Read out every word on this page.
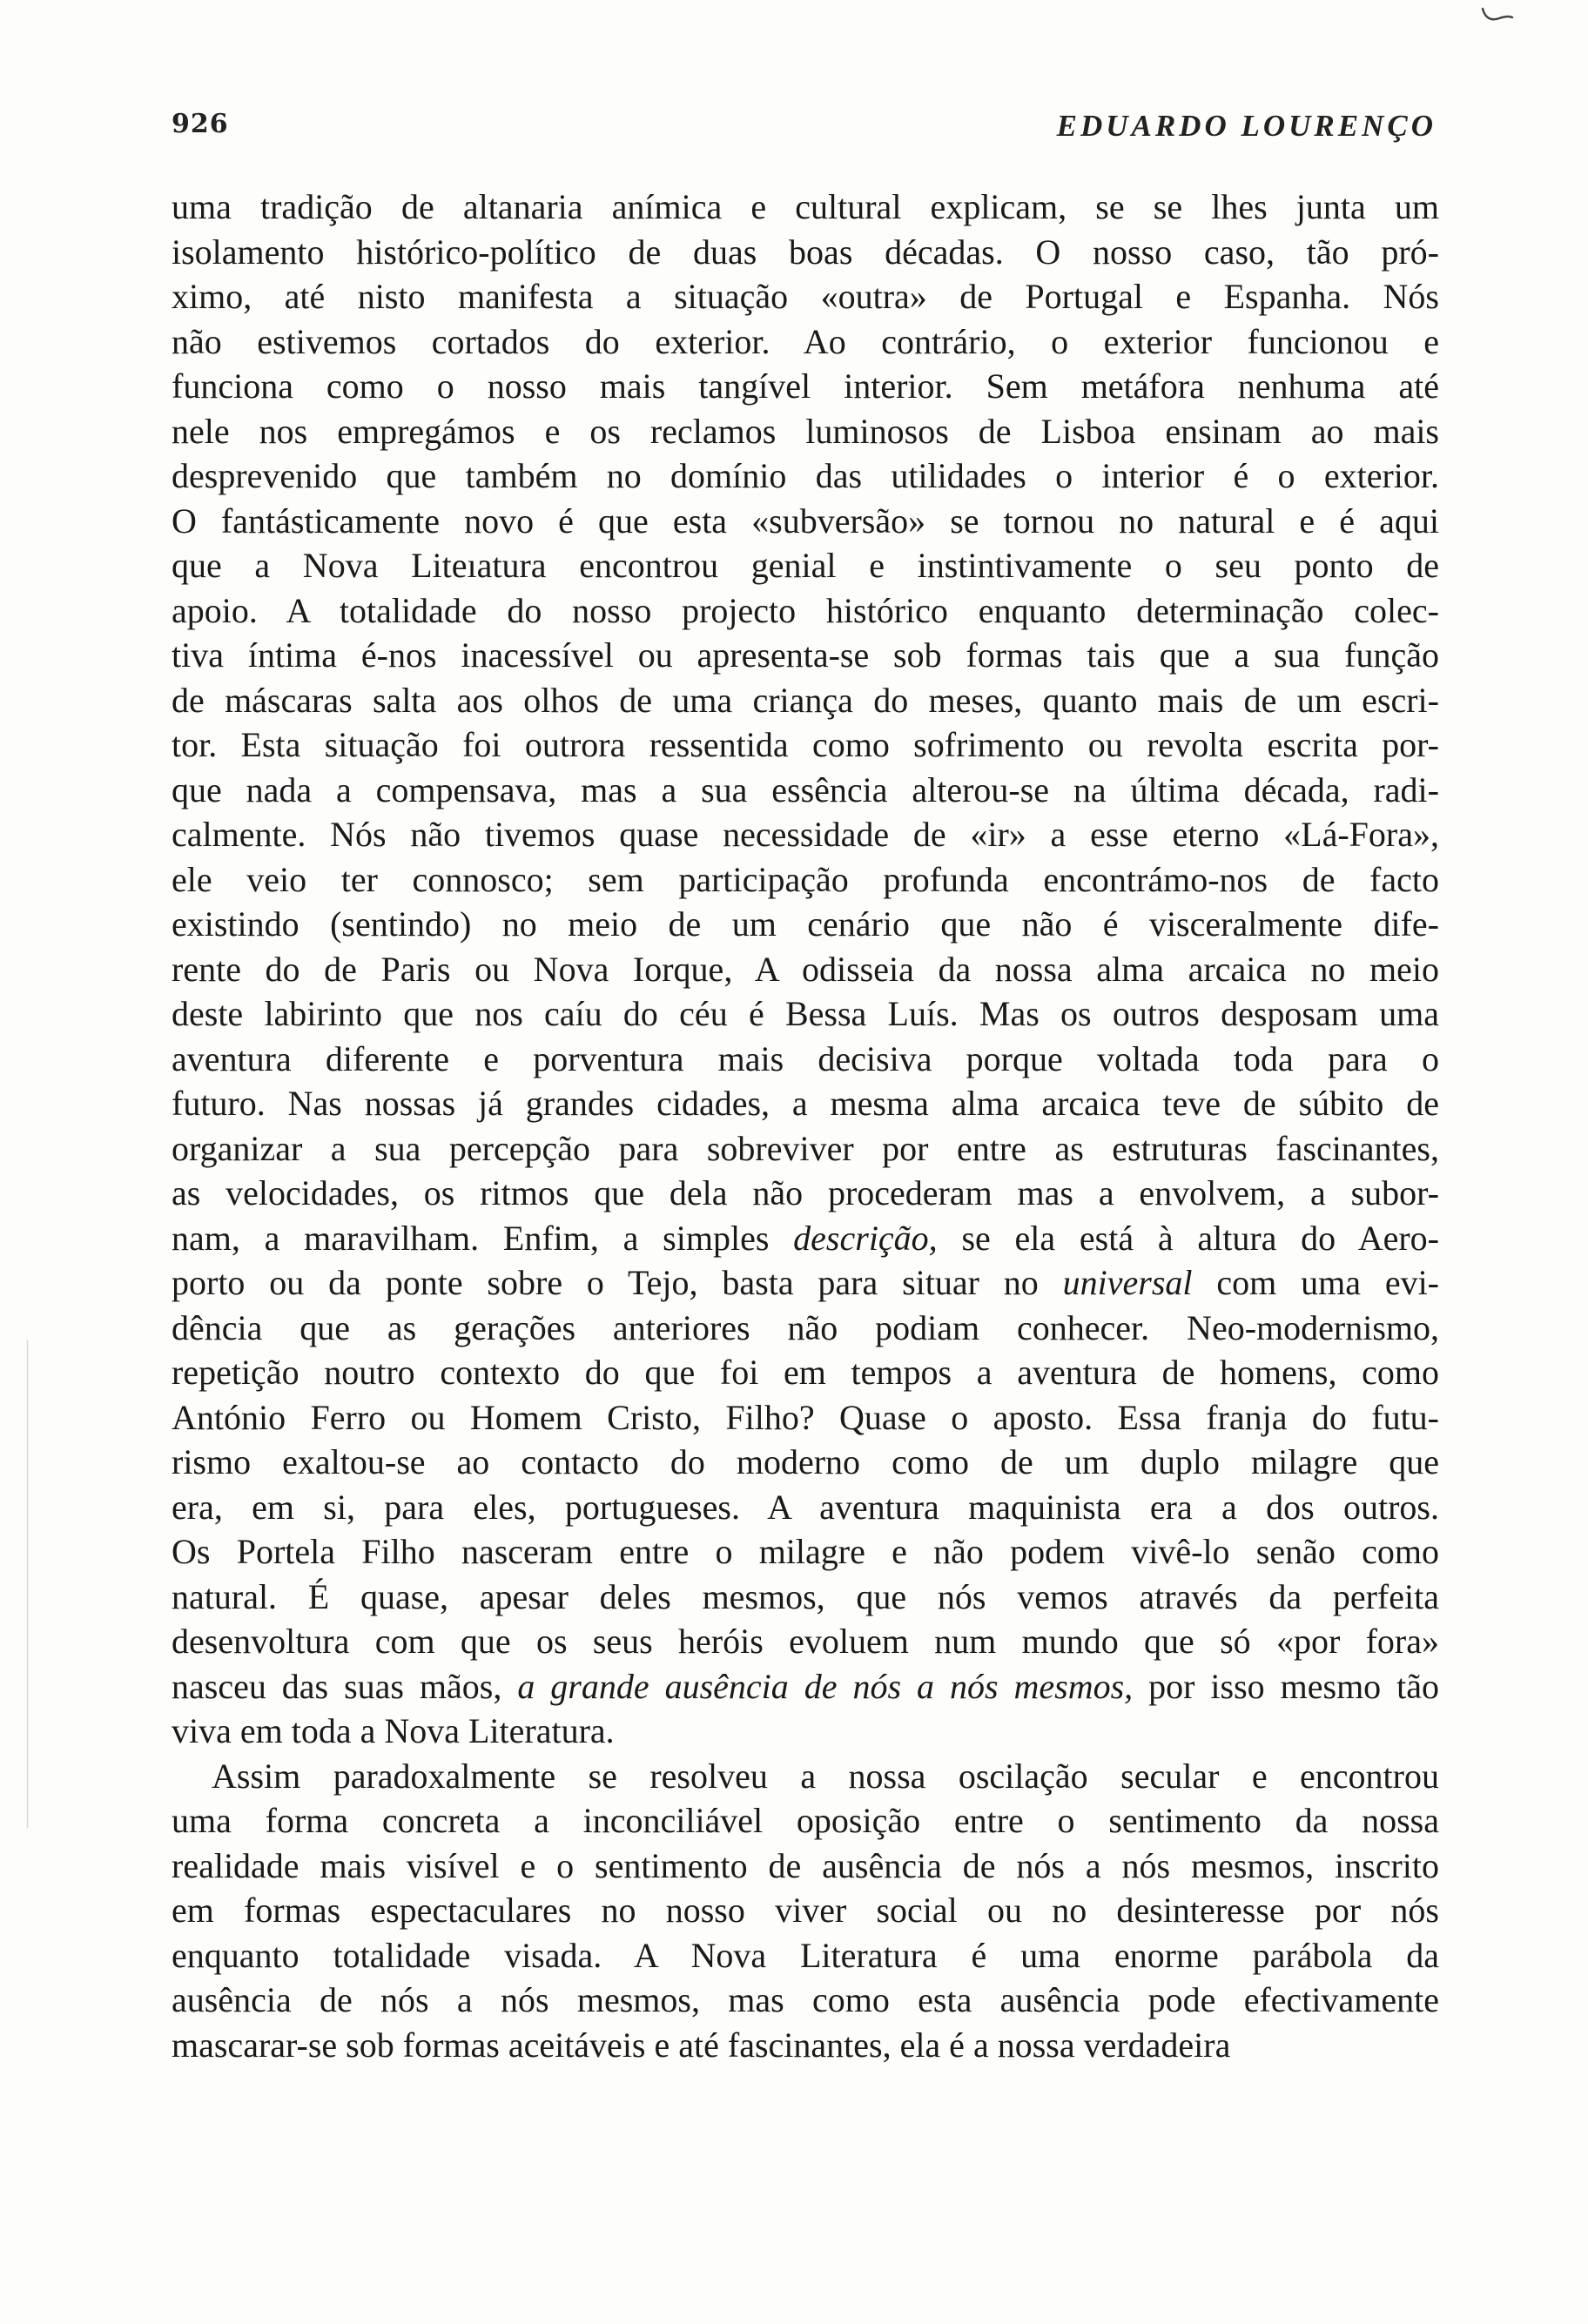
926	EDUARDO LOURENÇO
uma tradição de altanaria anímica e cultural explicam, se se lhes junta um
isolamento histórico-político de duas boas décadas. O nosso caso, tão pró-
ximo, até nisto manifesta a situação «outra» de Portugal e Espanha. Nós
não estivemos cortados do exterior. Ao contrário, o exterior funcionou e
funciona como o nosso mais tangível interior. Sem metáfora nenhuma até
nele nos empregámos e os reclamos luminosos de Lisboa ensinam ao mais
desprevenido que também no domínio das utilidades o interior é o exterior.
O fantásticamente novo é que esta «subversão» se tornou no natural e é aqui
que a Nova Liteıatura encontrou genial e instintivamente o seu ponto de
apoio. A totalidade do nosso projecto histórico enquanto determinação colec-
tiva íntima é-nos inacessível ou apresenta-se sob formas tais que a sua função
de máscaras salta aos olhos de uma criança do meses, quanto mais de um escri-
tor. Esta situação foi outrora ressentida como sofrimento ou revolta escrita por-
que nada a compensava, mas a sua essência alterou-se na última década, radi-
calmente. Nós não tivemos quase necessidade de «ir» a esse eterno «Lá-Fora»,
ele veio ter connosco; sem participação profunda encontrámo-nos de facto
existindo (sentindo) no meio de um cenário que não é visceralmente dife-
rente do de Paris ou Nova Iorque, A odisseia da nossa alma arcaica no meio
deste labirinto que nos caíu do céu é Bessa Luís. Mas os outros desposam uma
aventura diferente e porventura mais decisiva porque voltada toda para o
futuro. Nas nossas já grandes cidades, a mesma alma arcaica teve de súbito de
organizar a sua percepção para sobreviver por entre as estruturas fascinantes,
as velocidades, os ritmos que dela não procederam mas a envolvem, a subor-
nam, a maravilham. Enfim, a simples descrição, se ela está à altura do Aero-
porto ou da ponte sobre o Tejo, basta para situar no universal com uma evi-
dência que as gerações anteriores não podiam conhecer. Neo-modernismo,
repetição noutro contexto do que foi em tempos a aventura de homens, como
António Ferro ou Homem Cristo, Filho? Quase o aposto. Essa franja do futu-
rismo exaltou-se ao contacto do moderno como de um duplo milagre que
era, em si, para eles, portugueses. A aventura maquinista era a dos outros.
Os Portela Filho nasceram entre o milagre e não podem vivê-lo senão como
natural. É quase, apesar deles mesmos, que nós vemos através da perfeita
desenvoltura com que os seus heróis evoluem num mundo que só «por fora»
nasceu das suas mãos, a grande ausência de nós a nós mesmos, por isso mesmo tão
viva em toda a Nova Literatura.
Assim paradoxalmente se resolveu a nossa oscilação secular e encontrou
uma forma concreta a inconciliável oposição entre o sentimento da nossa
realidade mais visível e o sentimento de ausência de nós a nós mesmos, inscrito
em formas espectaculares no nosso viver social ou no desinteresse por nós
enquanto totalidade visada. A Nova Literatura é uma enorme parábola da
ausência de nós a nós mesmos, mas como esta ausência pode efectivamente
mascarar-se sob formas aceitáveis e até fascinantes, ela é a nossa verdadeira
